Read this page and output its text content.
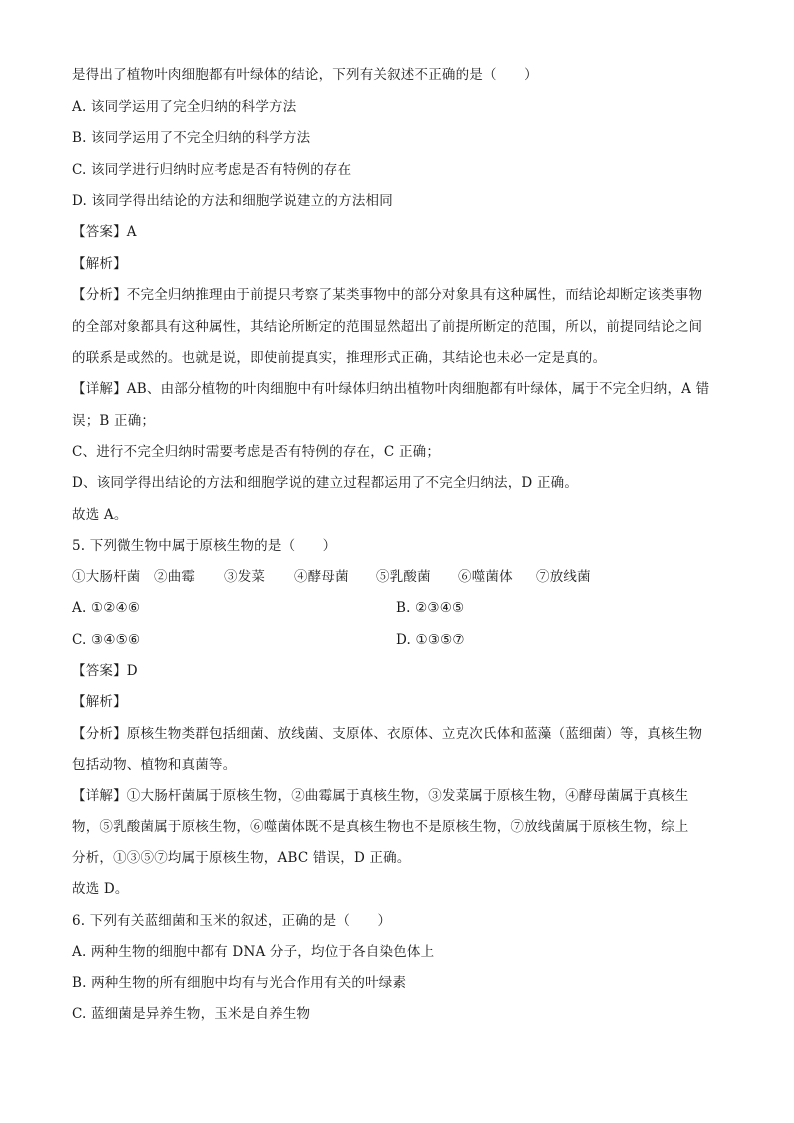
是得出了植物叶肉细胞都有叶绿体的结论，下列有关叙述不正确的是（　　）
A. 该同学运用了完全归纳的科学方法
B. 该同学运用了不完全归纳的科学方法
C. 该同学进行归纳时应考虑是否有特例的存在
D. 该同学得出结论的方法和细胞学说建立的方法相同
【答案】A
【解析】
【分析】不完全归纳推理由于前提只考察了某类事物中的部分对象具有这种属性，而结论却断定该类事物
的全部对象都具有这种属性，其结论所断定的范围显然超出了前提所断定的范围，所以，前提同结论之间
的联系是或然的。也就是说，即使前提真实，推理形式正确，其结论也未必一定是真的。
【详解】AB、由部分植物的叶肉细胞中有叶绿体归纳出植物叶肉细胞都有叶绿体，属于不完全归纳，A 错
误；B 正确；
C、进行不完全归纳时需要考虑是否有特例的存在，C 正确；
D、该同学得出结论的方法和细胞学说的建立过程都运用了不完全归纳法，D 正确。
故选 A。
5. 下列微生物中属于原核生物的是（　　）
①大肠杆菌 ②曲霉 ③发菜 ④酵母菌 ⑤乳酸菌 ⑥噬菌体 ⑦放线菌
A. ①②④⑥	B. ②③④⑤
C. ③④⑤⑥	D. ①③⑤⑦
【答案】D
【解析】
【分析】原核生物类群包括细菌、放线菌、支原体、衣原体、立克次氏体和蓝藻（蓝细菌）等，真核生物
包括动物、植物和真菌等。
【详解】①大肠杆菌属于原核生物，②曲霉属于真核生物，③发菜属于原核生物，④酵母菌属于真核生
物，⑤乳酸菌属于原核生物，⑥噬菌体既不是真核生物也不是原核生物，⑦放线菌属于原核生物，综上
分析，①③⑤⑦均属于原核生物，ABC 错误，D 正确。
故选 D。
6. 下列有关蓝细菌和玉米的叙述，正确的是（　　）
A. 两种生物的细胞中都有 DNA 分子，均位于各自染色体上
B. 两种生物的所有细胞中均有与光合作用有关的叶绿素
C. 蓝细菌是异养生物，玉米是自养生物
